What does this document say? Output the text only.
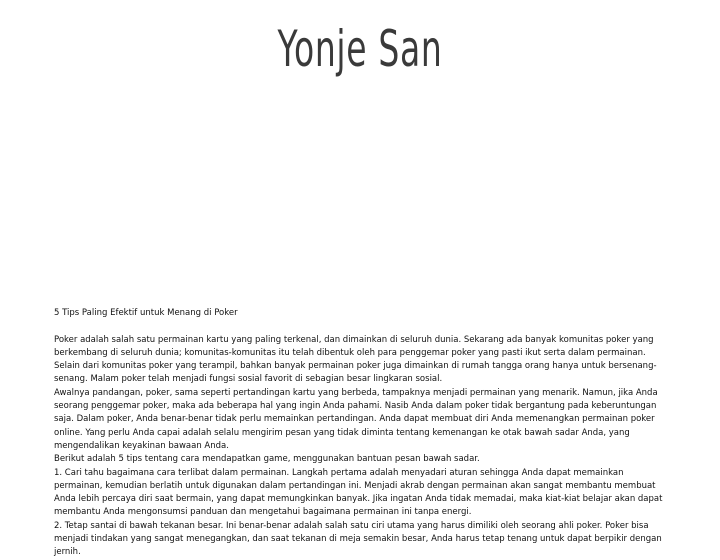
Yonje San

5 Tips Paling Efektif untuk Menang di Poker

Poker adalah salah satu permainan kartu yang paling terkenal, dan dimainkan di seluruh dunia. Sekarang ada banyak komunitas poker yang berkembang di seluruh dunia; komunitas-komunitas itu telah dibentuk oleh para penggemar poker yang pasti ikut serta dalam permainan. Selain dari komunitas poker yang terampil, bahkan banyak permainan poker juga dimainkan di rumah tangga orang hanya untuk bersenang-senang. Malam poker telah menjadi fungsi sosial favorit di sebagian besar lingkaran sosial.

Awalnya pandangan, poker, sama seperti pertandingan kartu yang berbeda, tampaknya menjadi permainan yang menarik. Namun, jika Anda seorang penggemar poker, maka ada beberapa hal yang ingin Anda pahami. Nasib Anda dalam poker tidak bergantung pada keberuntungan saja. Dalam poker, Anda benar-benar tidak perlu memainkan pertandingan. Anda dapat membuat diri Anda memenangkan permainan poker online. Yang perlu Anda capai adalah selalu mengirim pesan yang tidak diminta tentang kemenangan ke otak bawah sadar Anda, yang mengendalikan keyakinan bawaan Anda.

Berikut adalah 5 tips tentang cara mendapatkan game, menggunakan bantuan pesan bawah sadar.

1. Cari tahu bagaimana cara terlibat dalam permainan. Langkah pertama adalah menyadari aturan sehingga Anda dapat memainkan permainan, kemudian berlatih untuk digunakan dalam pertandingan ini. Menjadi akrab dengan permainan akan sangat membantu membuat Anda lebih percaya diri saat bermain, yang dapat memungkinkan banyak. Jika ingatan Anda tidak memadai, maka kiat-kiat belajar akan dapat membantu Anda mengonsumsi panduan dan mengetahui bagaimana permainan ini tanpa energi.

2. Tetap santai di bawah tekanan besar. Ini benar-benar adalah salah satu ciri utama yang harus dimiliki oleh seorang ahli poker. Poker bisa menjadi tindakan yang sangat menegangkan, dan saat tekanan di meja semakin besar, Anda harus tetap tenang untuk dapat berpikir dengan jernih.
